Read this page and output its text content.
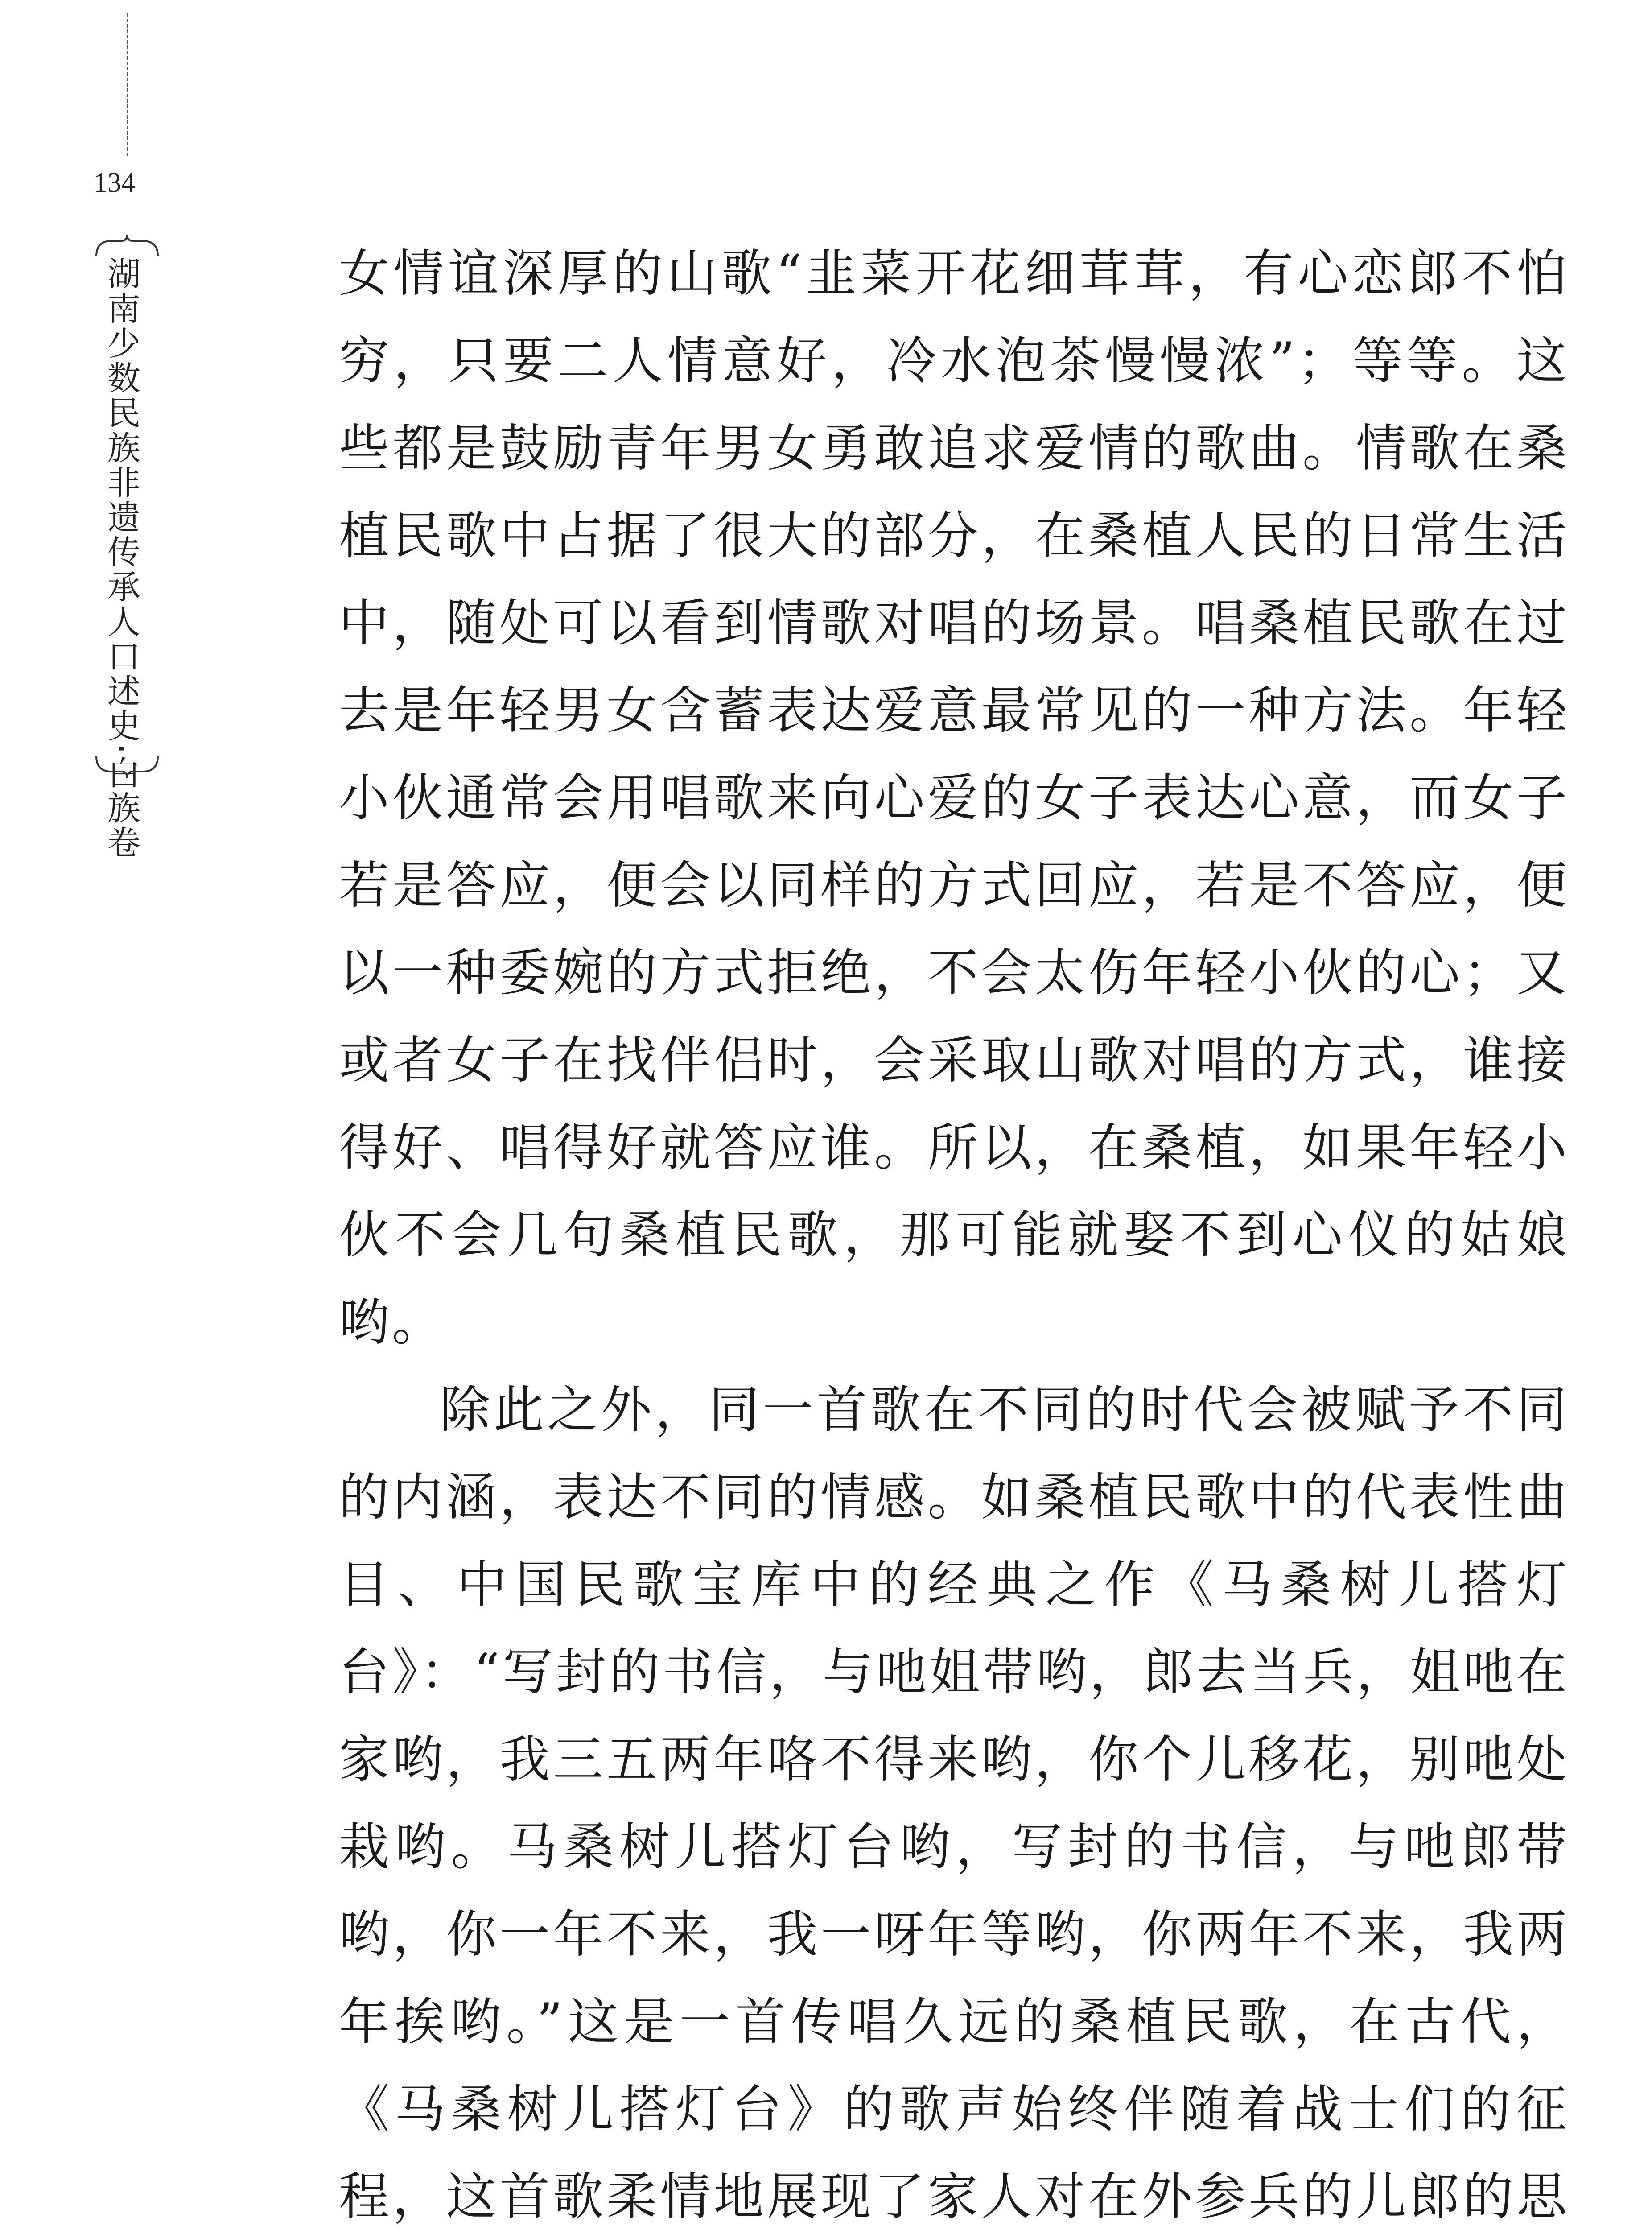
134
湖南少数民族非遗传承人口述史·白族卷	女情谊深厚的山歌“韭菜开花细茸茸，有心恋郎不怕穷，只要二人情意好，冷水泡茶慢慢浓”；等等。这些都是鼓励青年男女勇敢追求爱情的歌曲。情歌在桑植民歌中占据了很大的部分，在桑植人民的日常生活中，随处可以看到情歌对唱的场景。唱桑植民歌在过去是年轻男女含蓄表达爱意最常见的一种方法。年轻小伙通常会用唱歌来向心爱的女子表达心意，而女子若是答应，便会以同样的方式回应，若是不答应，便以一种委婉的方式拒绝，不会太伤年轻小伙的心；又或者女子在找伴侣时，会采取山歌对唱的方式，谁接得好、唱得好就答应谁。所以，在桑植，如果年轻小伙不会几句桑植民歌，那可能就娶不到心仪的姑娘哟。

除此之外，同一首歌在不同的时代会被赋予不同的内涵，表达不同的情感。如桑植民歌中的代表性曲目、中国民歌宝库中的经典之作《马桑树儿搭灯台》：“写封的书信，与吔姐带哟，郎去当兵，姐吔在家哟，我三五两年咯不得来哟，你个儿移花，别吔处栽哟。马桑树儿搭灯台哟，写封的书信，与吔郎带哟，你一年不来，我一呀年等哟，你两年不来，我两年挨哟。”这是一首传唱久远的桑植民歌，在古代，《马桑树儿搭灯台》的歌声始终伴随着战士们的征程，这首歌柔情地展现了家人对在外参兵的儿郎的思
